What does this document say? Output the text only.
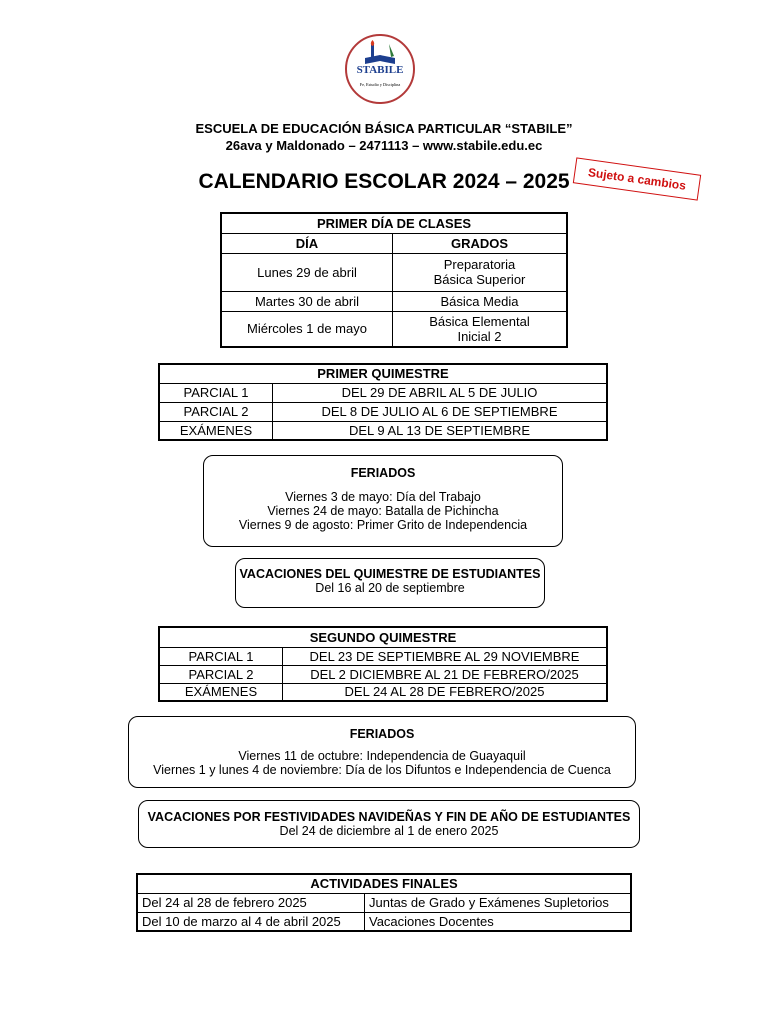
STABILE
Fe, Estudio y Disciplina
ESCUELA DE EDUCACIÓN BÁSICA PARTICULAR “STABILE”
26ava y Maldonado – 2471113 – www.stabile.edu.ec
CALENDARIO ESCOLAR 2024 – 2025	Sujeto a cambios
PRIMER DÍA DE CLASES	
DÍA	GRADOS
Lunes 29 de abril	Preparatoria
Básica Superior

Martes 30 de abril	Básica Media
Miércoles 1 de mayo	Básica Elemental
Inicial 2
PRIMER QUIMESTRE	
PARCIAL 1	DEL 29 DE ABRIL AL 5 DE JULIO
PARCIAL 2	DEL 8 DE JULIO AL 6 DE SEPTIEMBRE
EXÁMENES	DEL 9 AL 13 DE SEPTIEMBRE
FERIADOS
Viernes 3 de mayo: Día del Trabajo
Viernes 24 de mayo: Batalla de Pichincha
Viernes 9 de agosto: Primer Grito de Independencia
VACACIONES DEL QUIMESTRE DE ESTUDIANTES
Del 16 al 20 de septiembre
SEGUNDO QUIMESTRE	
PARCIAL 1	DEL 23 DE SEPTIEMBRE AL 29 NOVIEMBRE
PARCIAL 2	DEL 2 DICIEMBRE AL 21 DE FEBRERO/2025
EXÁMENES	DEL 24 AL 28 DE FEBRERO/2025
FERIADOS
Viernes 11 de octubre: Independencia de Guayaquil
Viernes 1 y lunes 4 de noviembre: Día de los Difuntos e Independencia de Cuenca
VACACIONES POR FESTIVIDADES NAVIDEÑAS Y FIN DE AÑO DE ESTUDIANTES
Del 24 de diciembre al 1 de enero 2025
ACTIVIDADES FINALES	
Del 24 al 28 de febrero 2025	Juntas de Grado y Exámenes Supletorios
Del 10 de marzo al 4 de abril 2025	Vacaciones Docentes
